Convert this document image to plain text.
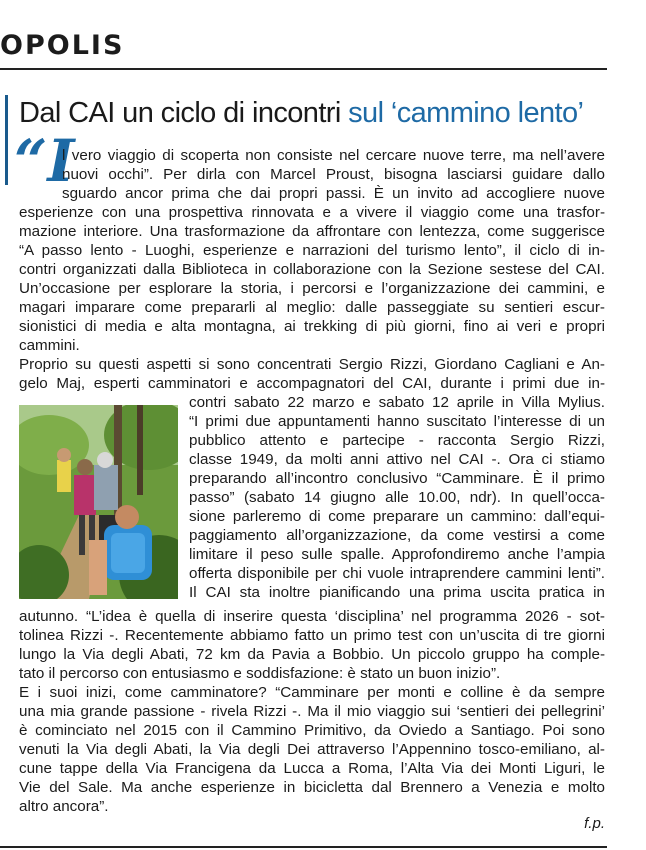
OPOLIS
Dal CAI un ciclo di incontri sul ‘cammino lento’
“I
l vero viaggio di scoperta non consiste nel cercare nuove terre, ma nell’avere
nuovi occhi”. Per dirla con Marcel Proust, bisogna lasciarsi guidare dallo
sguardo ancor prima che dai propri passi. È un invito ad accogliere nuove
esperienze con una prospettiva rinnovata e a vivere il viaggio come una trasfor-
mazione interiore. Una trasformazione da affrontare con lentezza, come suggerisce
“A passo lento - Luoghi, esperienze e narrazioni del turismo lento”, il ciclo di in-
contri organizzati dalla Biblioteca in collaborazione con la Sezione sestese del CAI.
Un’occasione per esplorare la storia, i percorsi e l’organizzazione dei cammini, e
magari imparare come prepararli al meglio: dalle passeggiate su sentieri escur-
sionistici di media e alta montagna, ai trekking di più giorni, fino ai veri e propri
cammini.
Proprio su questi aspetti si sono concentrati Sergio Rizzi, Giordano Cagliani e An-
gelo Maj, esperti camminatori e accompagnatori del CAI, durante i primi due in-
contri sabato 22 marzo e sabato 12 aprile in Villa Mylius.
“I primi due appuntamenti hanno suscitato l’interesse di un
pubblico attento e partecipe - racconta Sergio Rizzi,
classe 1949, da molti anni attivo nel CAI -. Ora ci stiamo
preparando all’incontro conclusivo “Camminare. È il primo
passo” (sabato 14 giugno alle 10.00, ndr). In quell’occa-
sione parleremo di come preparare un cammino: dall’equi-
paggiamento all’organizzazione, da come vestirsi a come
limitare il peso sulle spalle. Approfondiremo anche l’ampia
offerta disponibile per chi vuole intraprendere cammini lenti”.
Il CAI sta inoltre pianificando una prima uscita pratica in
autunno. “L’idea è quella di inserire questa ‘disciplina’ nel programma 2026 - sot-
tolinea Rizzi -. Recentemente abbiamo fatto un primo test con un’uscita di tre giorni
lungo la Via degli Abati, 72 km da Pavia a Bobbio. Un piccolo gruppo ha comple-
tato il percorso con entusiasmo e soddisfazione: è stato un buon inizio”.
E i suoi inizi, come camminatore? “Camminare per monti e colline è da sempre
una mia grande passione - rivela Rizzi -. Ma il mio viaggio sui ‘sentieri dei pellegrini’
è cominciato nel 2015 con il Cammino Primitivo, da Oviedo a Santiago. Poi sono
venuti la Via degli Abati, la Via degli Dei attraverso l’Appennino tosco-emiliano, al-
cune tappe della Via Francigena da Lucca a Roma, l’Alta Via dei Monti Liguri, le
Vie del Sale. Ma anche esperienze in bicicletta dal Brennero a Venezia e molto
altro ancora”.
f.p.
